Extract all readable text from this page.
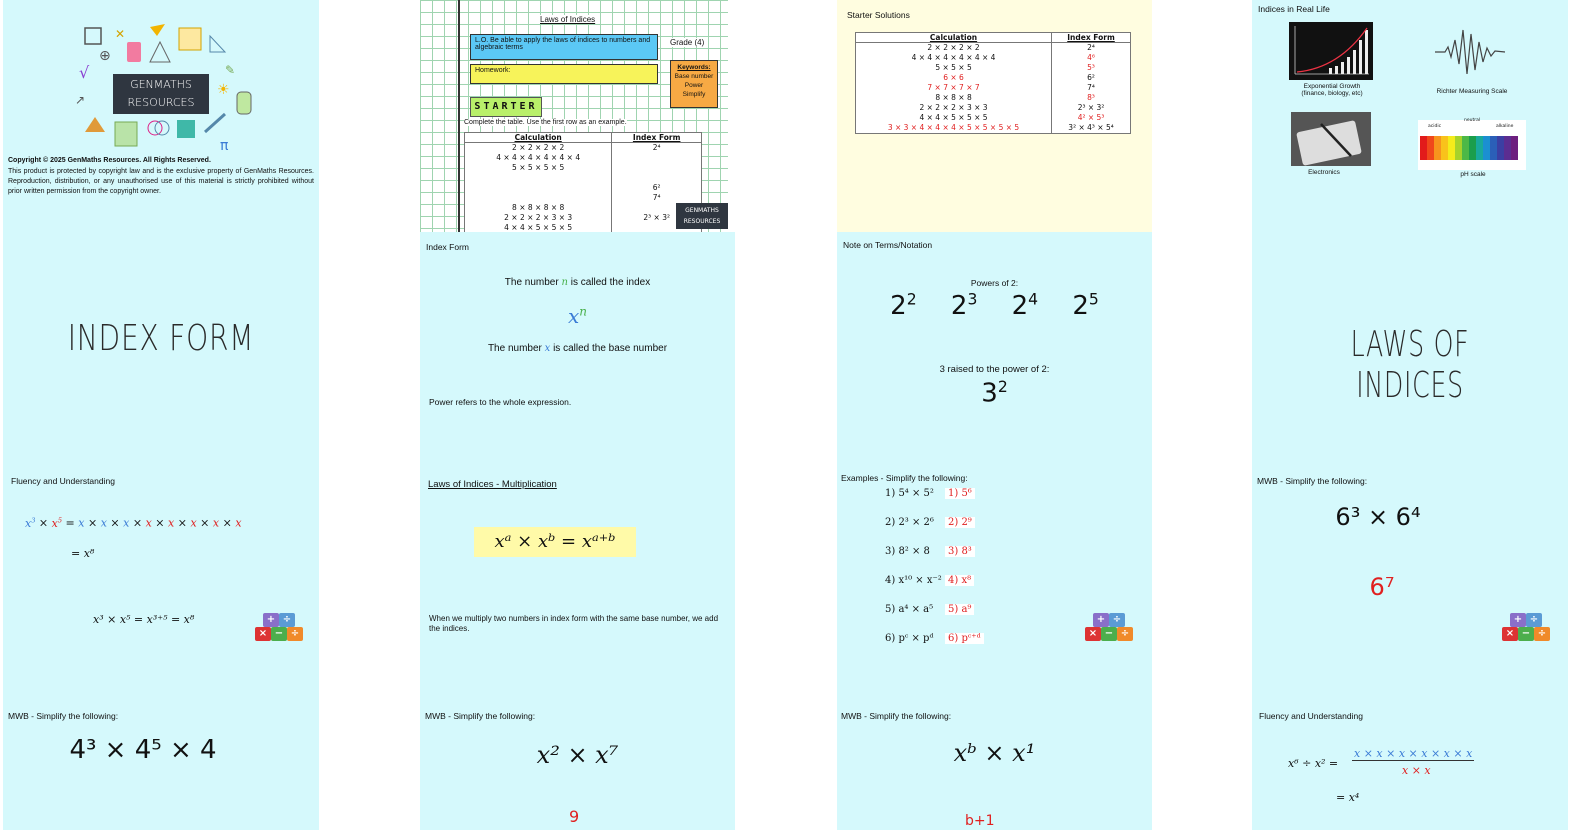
✕
⊕
√	✎
☀
↗
π
GENMATHS
RESOURCES
Copyright © 2025 GenMaths Resources. All Rights Reserved.
This product is protected by copyright law and is the exclusive property of GenMaths Resources. Reproduction, distribution, or any unauthorised use of this material is strictly prohibited without prior written permission from the copyright owner.
Laws of Indices
L.O. Be able to apply the laws of indices to numbers and algebraic terms
Grade (4)
Homework:	Keywords:
Base number
Power
Simplify
STARTER
Complete the table. Use the first row as an example.
Calculation	Index Form
2 × 2 × 2 × 2	2⁴
4 × 4 × 4 × 4 × 4 × 4	
5 × 5 × 5 × 5	

	6²
	7⁴
8 × 8 × 8 × 8	
2 × 2 × 2 × 3 × 3	2³ × 3²
4 × 4 × 5 × 5 × 5	

GENMATHS
RESOURCES
Starter Solutions
Calculation	Index Form
2 × 2 × 2 × 2	2⁴
4 × 4 × 4 × 4 × 4 × 4	4⁶
5 × 5 × 5	5³
6 × 6	6²
7 × 7 × 7 × 7	7⁴
8 × 8 × 8	8³
2 × 2 × 2 × 3 × 3	2³ × 3²
4 × 4 × 5 × 5 × 5	4² × 5³
3 × 3 × 4 × 4 × 4 × 5 × 5 × 5 × 5	3² × 4³ × 5⁴
Indices in Real Life
Exponential Growth (finance, biology, etc)	Richter Measuring Scale
Electronics
neutral
acidic	alkaline
pH scale
INDEX FORM
Index Form
The number n is called the index
$x^n$
The number x is called the base number
Power refers to the whole expression.
Note on Terms/Notation
Powers of 2:
$2^2$ $2^3$ $2^4$ $2^5$
3 raised to the power of 2:
$3^2$
LAWS OF INDICES
Fluency and Understanding
$x^3 \times x^5 = x \times x \times x \times x \times x \times x \times x \times x$
= x⁸
x³ × x⁵ = x³⁺⁵ = x⁸	+ ÷
× − ÷
Laws of Indices - Multiplication
xᵃ × xᵇ = xᵃ⁺ᵇ
When we multiply two numbers in index form with the same base number, we add the indices.
Examples - Simplify the following:
1) 5⁴ × 5²	1) 5⁶
2) 2³ × 2⁶	2) 2⁹
3) 8² × 8	3) 8³
4) x¹⁰ × x⁻² 4) x⁸
5) a⁴ × a⁵	5) a⁹
6) pᶜ × pᵈ	6) pᶜ⁺ᵈ
+ ÷
× − ÷
MWB - Simplify the following:
6³ × 6⁴
6⁷
+ ÷
× − ÷
MWB - Simplify the following:
4³ × 4⁵ × 4
MWB - Simplify the following:
x² × x⁷
9
MWB - Simplify the following:
xᵇ × x¹
b+1
Fluency and Understanding
x⁶ ÷ x² =
x × x × x × x × x × x
x × x
= x⁴
